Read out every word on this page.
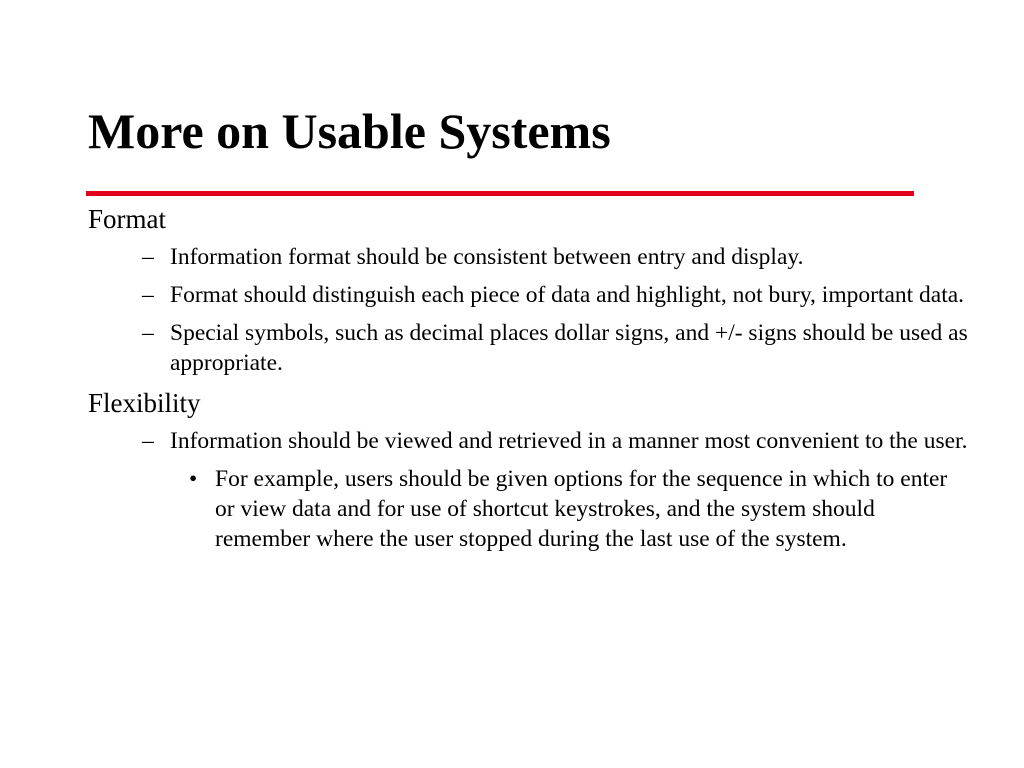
More on Usable Systems
Format
– Information format should be consistent between entry and display.
– Format should distinguish each piece of data and highlight, not bury, important data.
– Special symbols, such as decimal places dollar signs, and +/- signs should be used as appropriate.
Flexibility
– Information should be viewed and retrieved in a manner most convenient to the user.
• For example, users should be given options for the sequence in which to enter or view data and for use of shortcut keystrokes, and the system should remember where the user stopped during the last use of the system.
